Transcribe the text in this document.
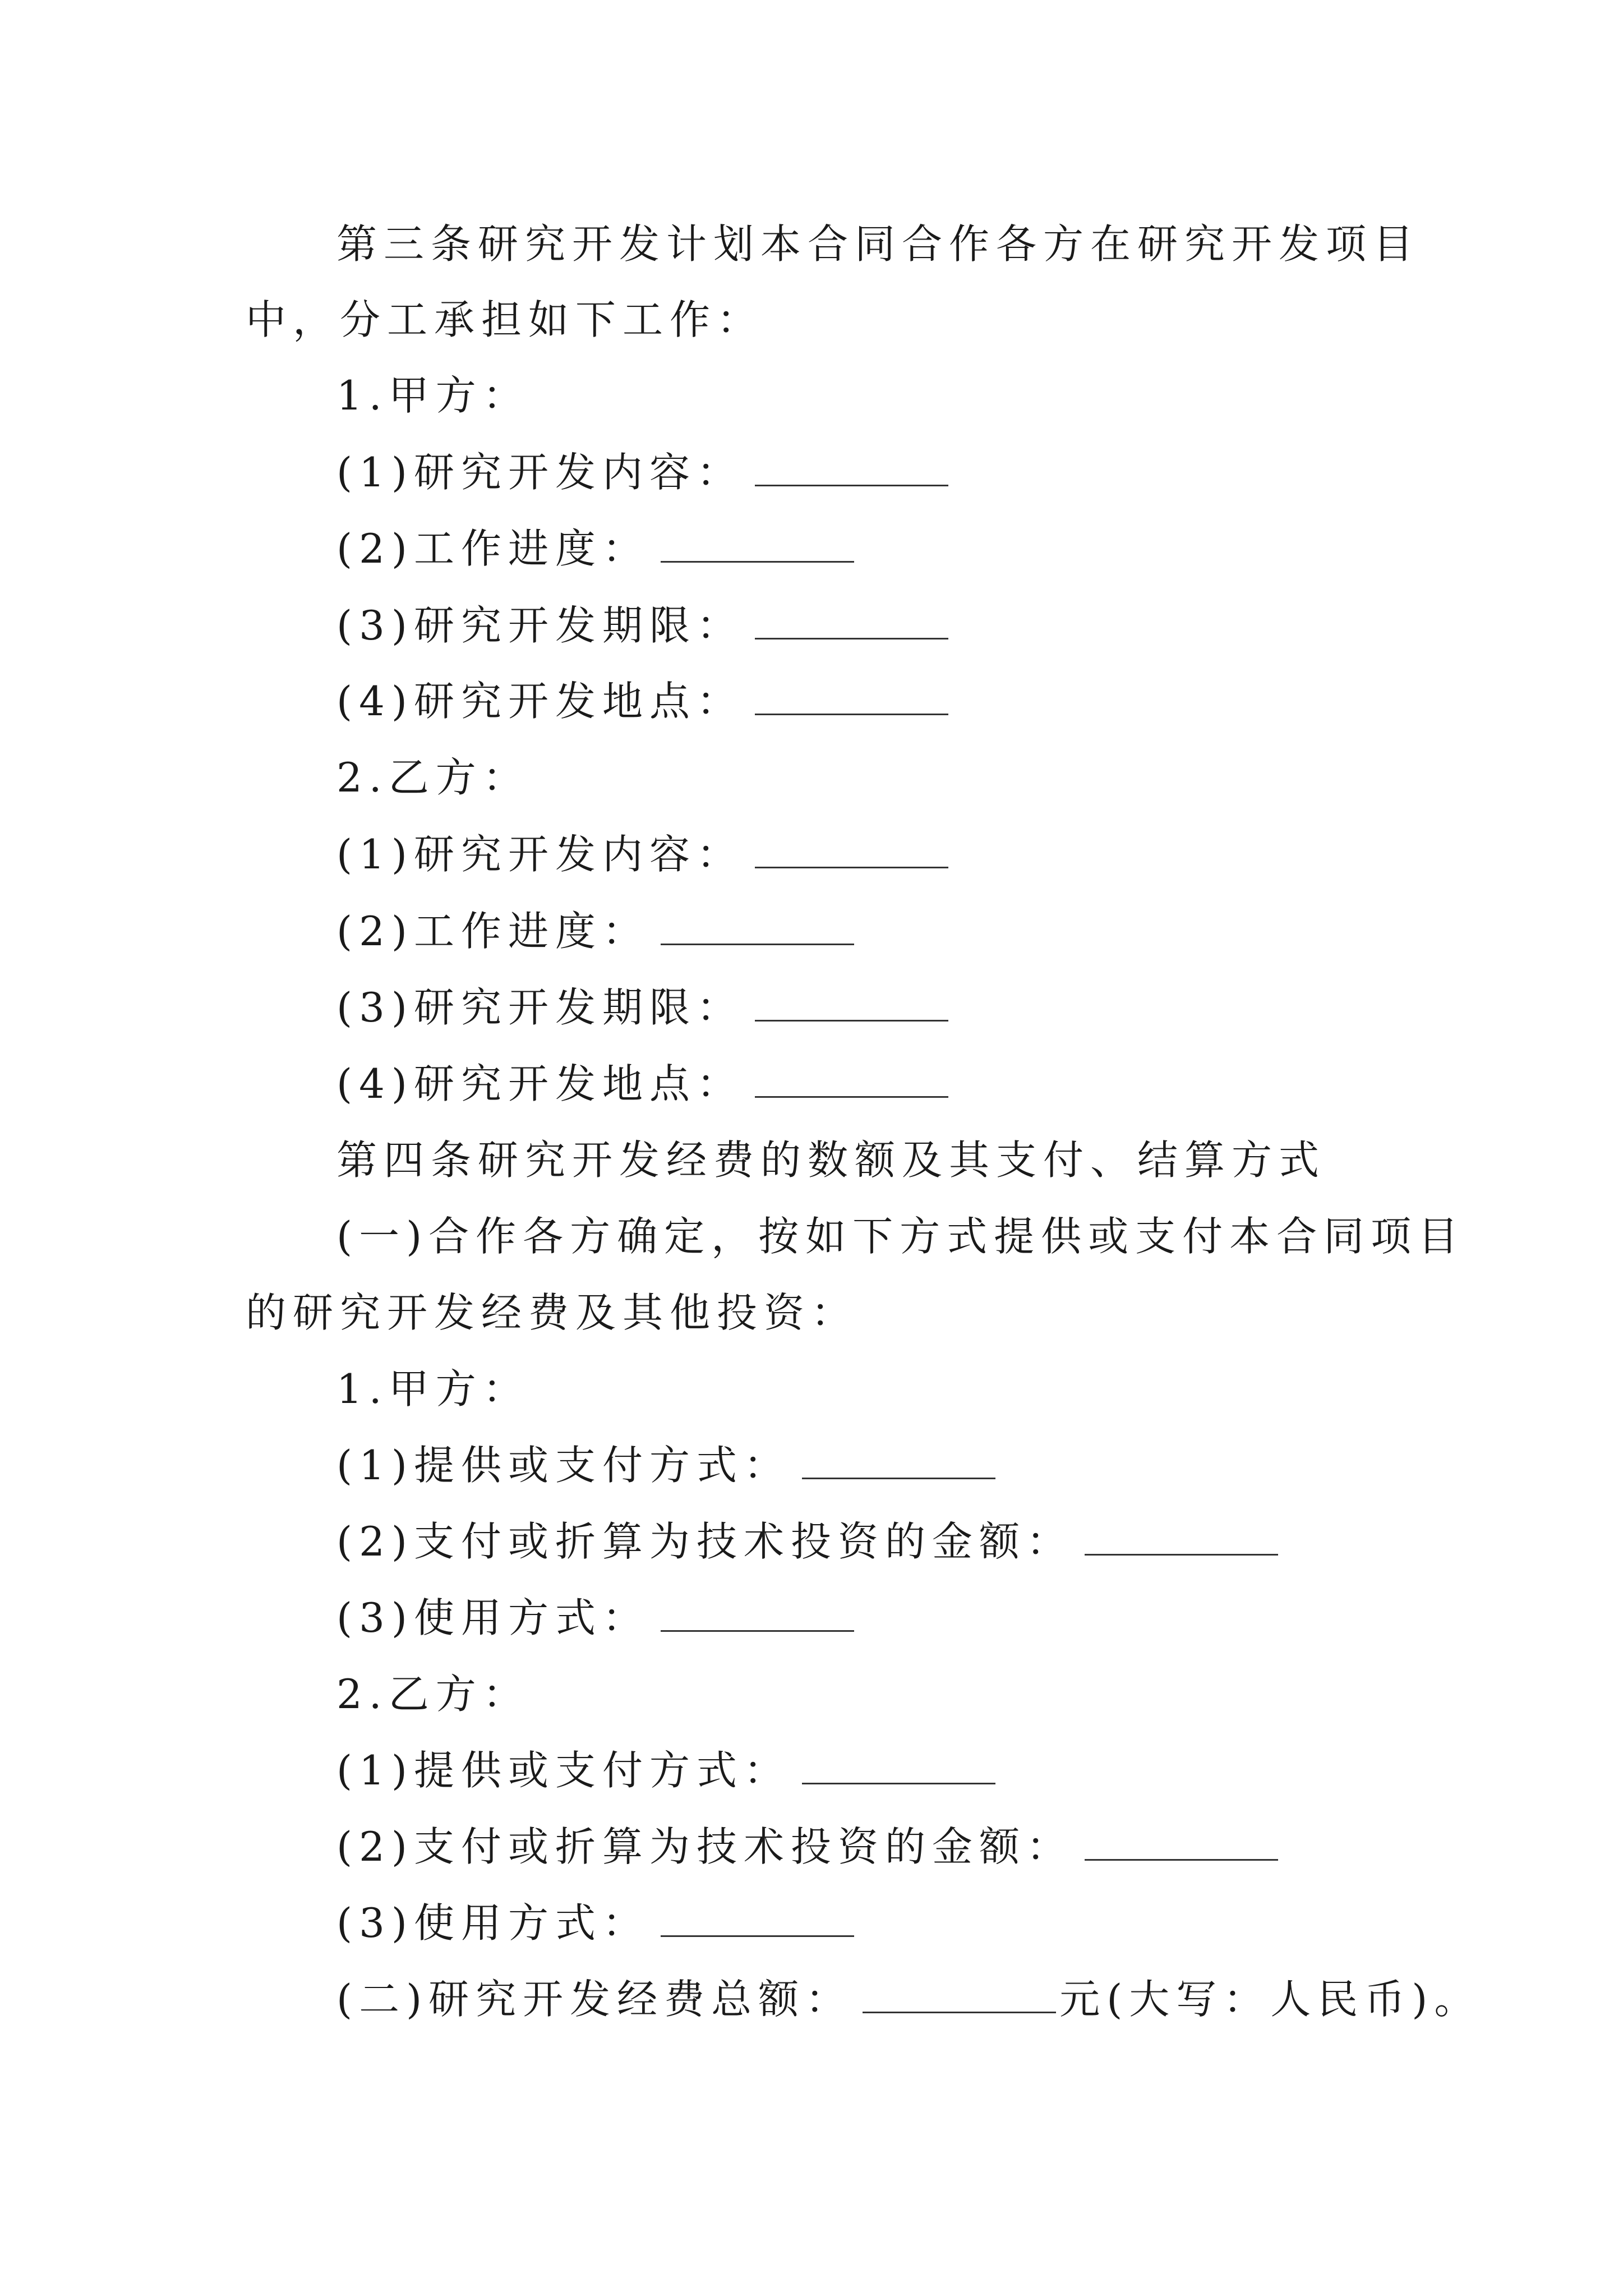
第三条研究开发计划本合同合作各方在研究开发项目
中，分工承担如下工作：
1.甲方：
(1)研究开发内容：
(2)工作进度：
(3)研究开发期限：
(4)研究开发地点：
2.乙方：
(1)研究开发内容：
(2)工作进度：
(3)研究开发期限：
(4)研究开发地点：
第四条研究开发经费的数额及其支付、结算方式
(一)合作各方确定，按如下方式提供或支付本合同项目
的研究开发经费及其他投资：
1.甲方：
(1)提供或支付方式：
(2)支付或折算为技术投资的金额：
(3)使用方式：
2.乙方：
(1)提供或支付方式：
(2)支付或折算为技术投资的金额：
(3)使用方式：
(二)研究开发经费总额：	元(大写：人民币)。
